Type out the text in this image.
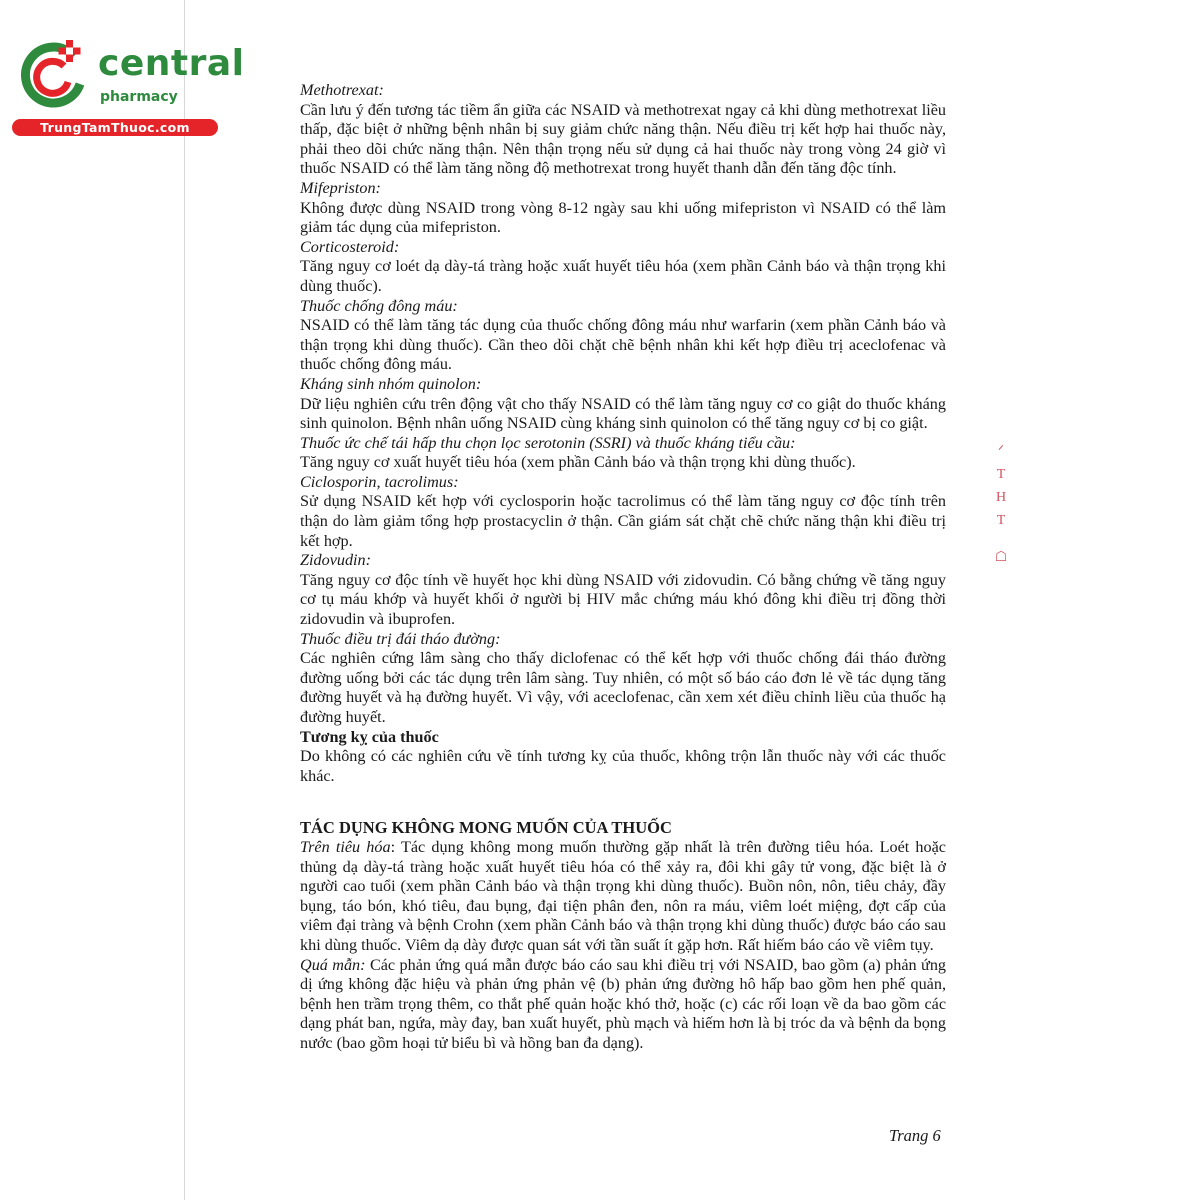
central
pharmacy
TrungTamThuoc.com

Methotrexat:

Cần lưu ý đến tương tác tiềm ẩn giữa các NSAID và methotrexat ngay cả khi dùng methotrexat liều thấp, đặc biệt ở những bệnh nhân bị suy giảm chức năng thận. Nếu điều trị kết hợp hai thuốc này, phải theo dõi chức năng thận. Nên thận trọng nếu sử dụng cả hai thuốc này trong vòng 24 giờ vì thuốc NSAID có thể làm tăng nồng độ methotrexat trong huyết thanh dẫn đến tăng độc tính.

Mifepriston:

Không được dùng NSAID trong vòng 8-12 ngày sau khi uống mifepriston vì NSAID có thể làm giảm tác dụng của mifepriston.

Corticosteroid:

Tăng nguy cơ loét dạ dày-tá tràng hoặc xuất huyết tiêu hóa (xem phần Cảnh báo và thận trọng khi dùng thuốc).

Thuốc chống đông máu:

NSAID có thể làm tăng tác dụng của thuốc chống đông máu như warfarin (xem phần Cảnh báo và thận trọng khi dùng thuốc). Cần theo dõi chặt chẽ bệnh nhân khi kết hợp điều trị aceclofenac và thuốc chống đông máu.

Kháng sinh nhóm quinolon:

Dữ liệu nghiên cứu trên động vật cho thấy NSAID có thể làm tăng nguy cơ co giật do thuốc kháng sinh quinolon. Bệnh nhân uống NSAID cùng kháng sinh quinolon có thể tăng nguy cơ bị co giật.

Thuốc ức chế tái hấp thu chọn lọc serotonin (SSRI) và thuốc kháng tiểu cầu:

Tăng nguy cơ xuất huyết tiêu hóa (xem phần Cảnh báo và thận trọng khi dùng thuốc).

Ciclosporin, tacrolimus:

Sử dụng NSAID kết hợp với cyclosporin hoặc tacrolimus có thể làm tăng nguy cơ độc tính trên thận do làm giảm tổng hợp prostacyclin ở thận. Cần giám sát chặt chẽ chức năng thận khi điều trị kết hợp.

Zidovudin:

Tăng nguy cơ độc tính về huyết học khi dùng NSAID với zidovudin. Có bằng chứng về tăng nguy cơ tụ máu khớp và huyết khối ở người bị HIV mắc chứng máu khó đông khi điều trị đồng thời zidovudin và ibuprofen.

Thuốc điều trị đái tháo đường:

Các nghiên cứng lâm sàng cho thấy diclofenac có thể kết hợp với thuốc chống đái tháo đường đường uống bởi các tác dụng trên lâm sàng. Tuy nhiên, có một số báo cáo đơn lẻ về tác dụng tăng đường huyết và hạ đường huyết. Vì vậy, với aceclofenac, cần xem xét điều chỉnh liều của thuốc hạ đường huyết.

Tương kỵ của thuốc

Do không có các nghiên cứu về tính tương kỵ của thuốc, không trộn lẫn thuốc này với các thuốc khác.

TÁC DỤNG KHÔNG MONG MUỐN CỦA THUỐC

Trên tiêu hóa: Tác dụng không mong muốn thường gặp nhất là trên đường tiêu hóa. Loét hoặc thủng dạ dày-tá tràng hoặc xuất huyết tiêu hóa có thể xảy ra, đôi khi gây tử vong, đặc biệt là ở người cao tuổi (xem phần Cảnh báo và thận trọng khi dùng thuốc). Buồn nôn, nôn, tiêu chảy, đầy bụng, táo bón, khó tiêu, đau bụng, đại tiện phân đen, nôn ra máu, viêm loét miệng, đợt cấp của viêm đại tràng và bệnh Crohn (xem phần Cảnh báo và thận trọng khi dùng thuốc) được báo cáo sau khi dùng thuốc. Viêm dạ dày được quan sát với tần suất ít gặp hơn. Rất hiếm báo cáo về viêm tụy.

Quá mẫn: Các phản ứng quá mẫn được báo cáo sau khi điều trị với NSAID, bao gồm (a) phản ứng dị ứng không đặc hiệu và phản ứng phản vệ (b) phản ứng đường hô hấp bao gồm hen phế quản, bệnh hen trầm trọng thêm, co thắt phế quản hoặc khó thở, hoặc (c) các rối loạn về da bao gồm các dạng phát ban, ngứa, mày đay, ban xuất huyết, phù mạch và hiếm hơn là bị tróc da và bệnh da bọng nước (bao gồm hoại tử biểu bì và hồng ban đa dạng).

Trang 6
ᐟ
T
H
T
☖
